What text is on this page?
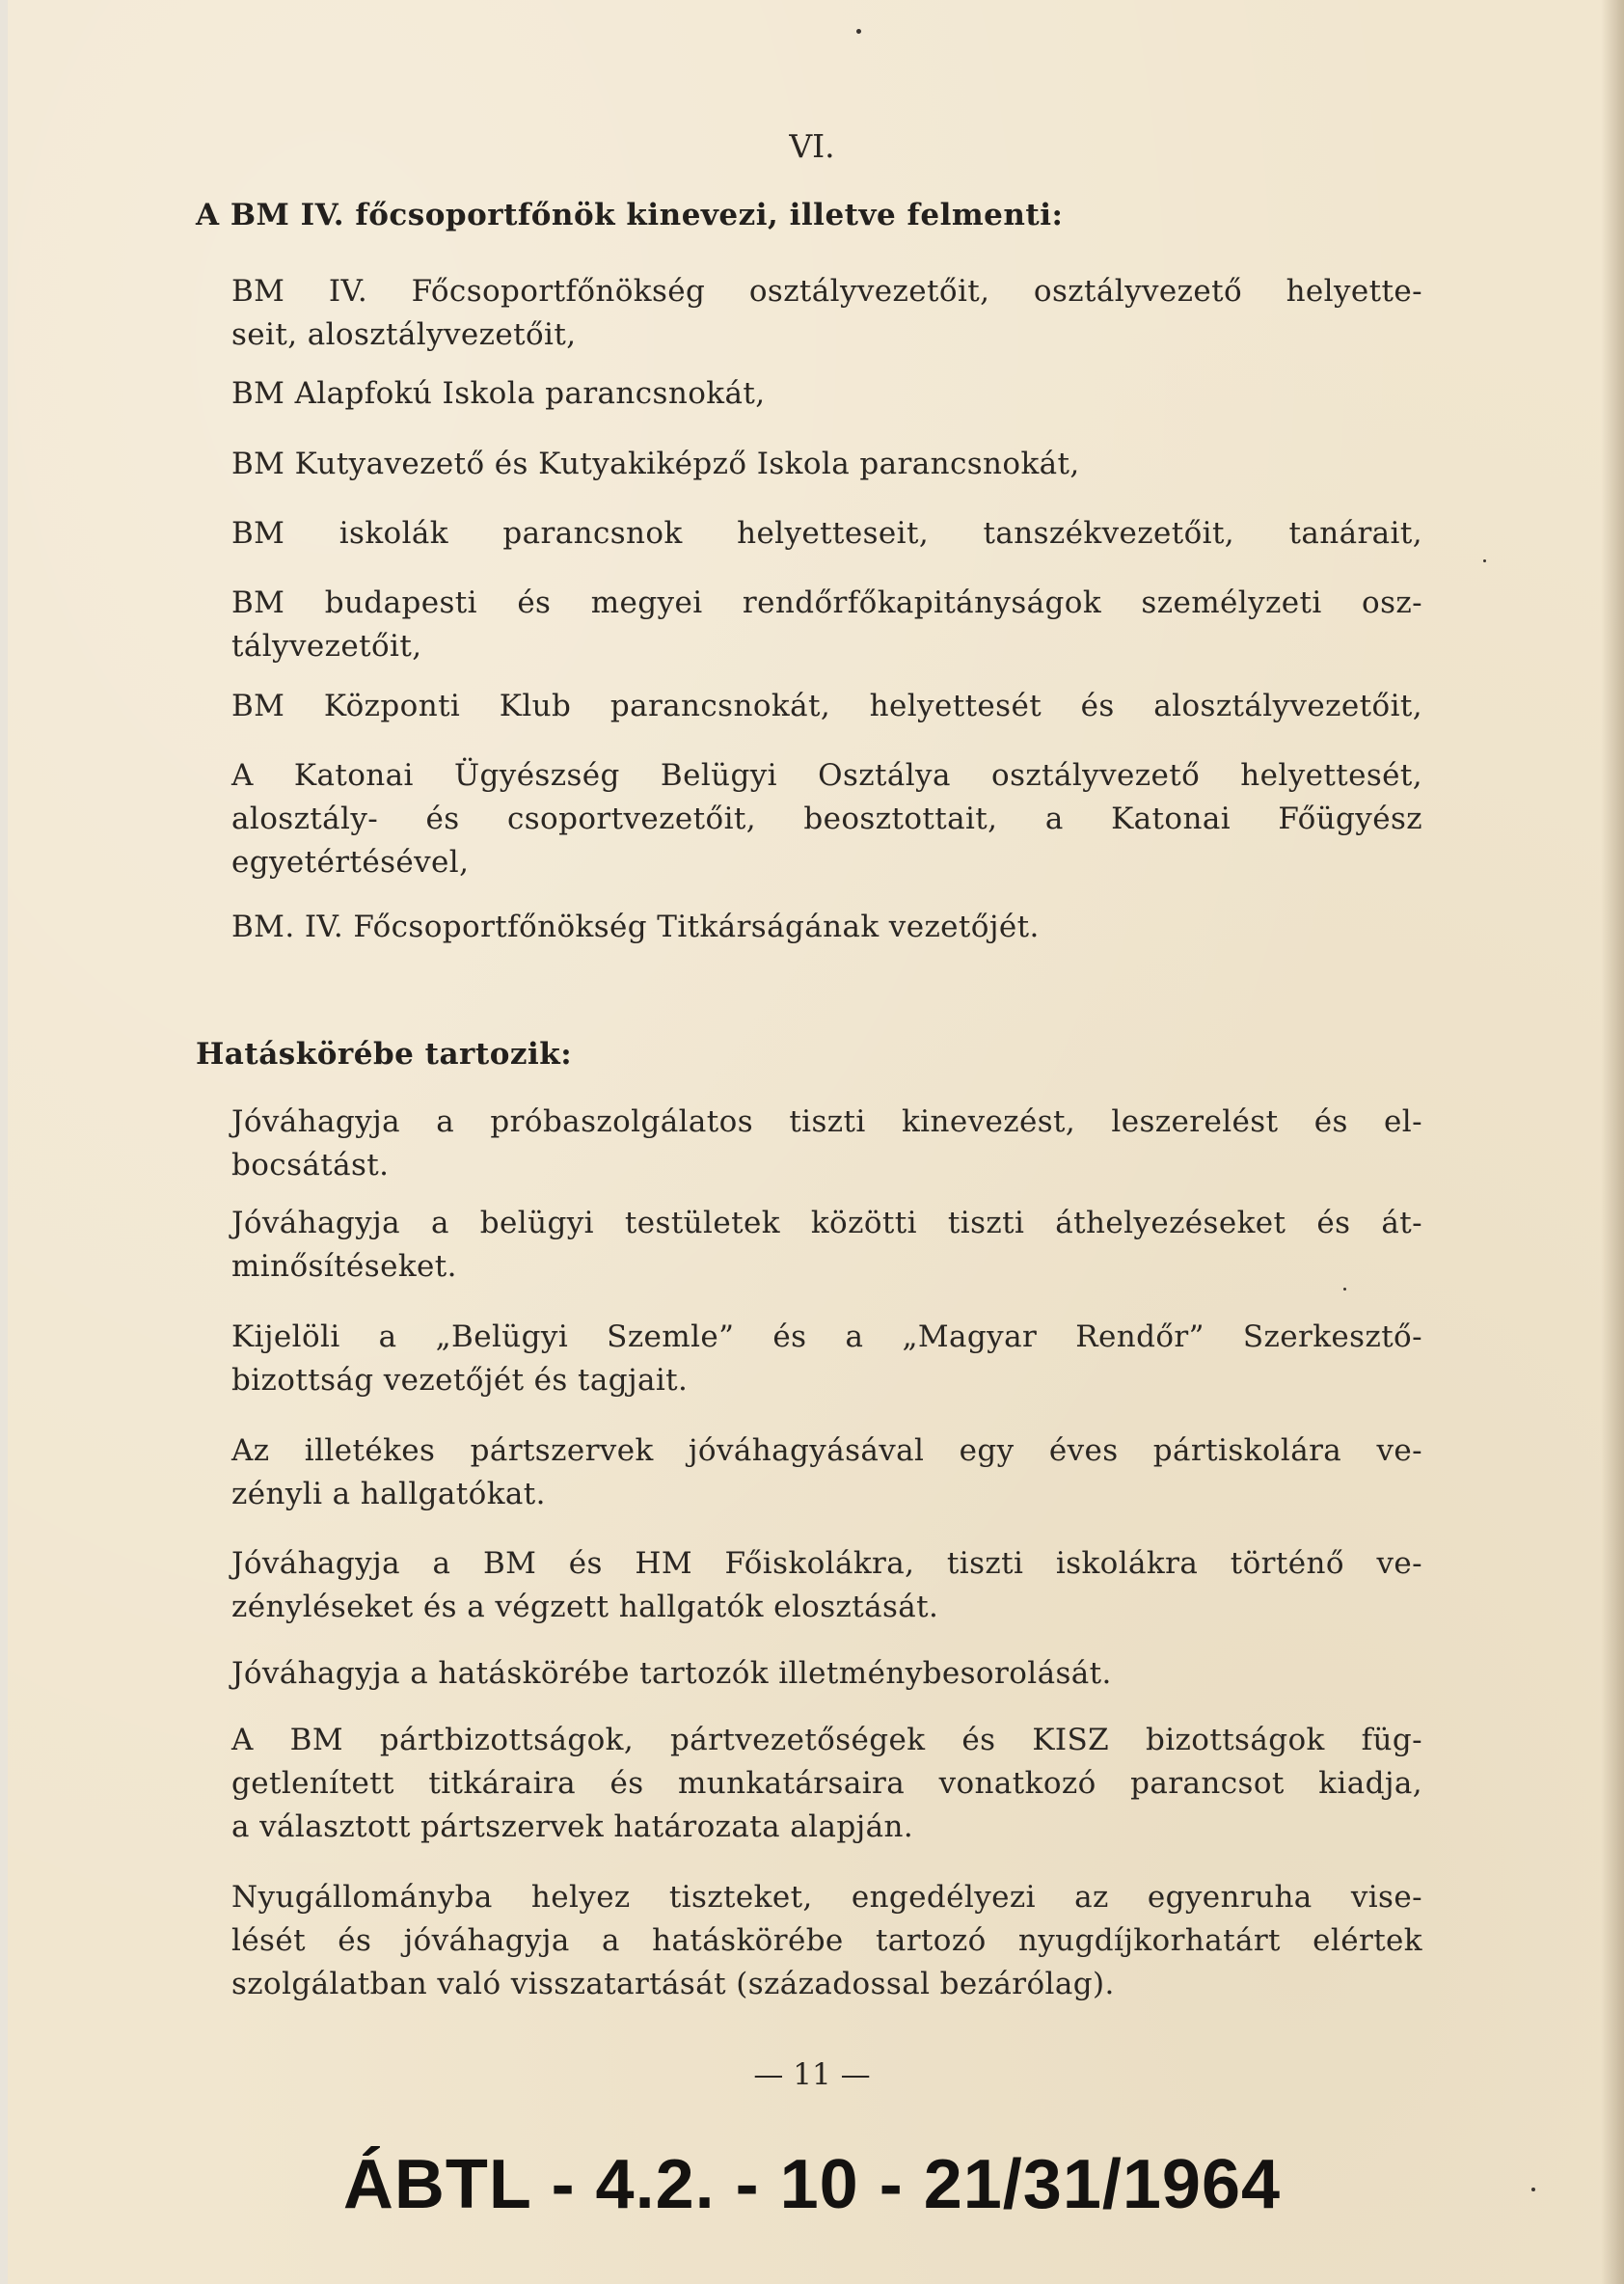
VI.
A BM IV. főcsoportfőnök kinevezi, illetve felmenti:
BM IV. Főcsoportfőnökség osztályvezetőit, osztályvezető helyette-
seit, alosztályvezetőit,
BM Alapfokú Iskola parancsnokát,
BM Kutyavezető és Kutyakiképző Iskola parancsnokát,
BM iskolák parancsnok helyetteseit, tanszékvezetőit, tanárait,
BM budapesti és megyei rendőrfőkapitányságok személyzeti osz-
tályvezetőit,
BM Központi Klub parancsnokát, helyettesét és alosztályvezetőit,
A Katonai Ügyészség Belügyi Osztálya osztályvezető helyettesét,
alosztály- és csoportvezetőit, beosztottait, a Katonai Főügyész
egyetértésével,
BM. IV. Főcsoportfőnökség Titkárságának vezetőjét.
Hatáskörébe tartozik:
Jóváhagyja a próbaszolgálatos tiszti kinevezést, leszerelést és el-
bocsátást.
Jóváhagyja a belügyi testületek közötti tiszti áthelyezéseket és át-
minősítéseket.
Kijelöli a „Belügyi Szemle” és a „Magyar Rendőr” Szerkesztő-
bizottság vezetőjét és tagjait.
Az illetékes pártszervek jóváhagyásával egy éves pártiskolára ve-
zényli a hallgatókat.
Jóváhagyja a BM és HM Főiskolákra, tiszti iskolákra történő ve-
zényléseket és a végzett hallgatók elosztását.
Jóváhagyja a hatáskörébe tartozók illetménybesorolását.
A BM pártbizottságok, pártvezetőségek és KISZ bizottságok füg-
getlenített titkáraira és munkatársaira vonatkozó parancsot kiadja,
a választott pártszervek határozata alapján.
Nyugállományba helyez tiszteket, engedélyezi az egyenruha vise-
lését és jóváhagyja a hatáskörébe tartozó nyugdíjkorhatárt elértek
szolgálatban való visszatartását (századossal bezárólag).
— 11 —
ÁBTL - 4.2. - 10 - 21/31/1964
